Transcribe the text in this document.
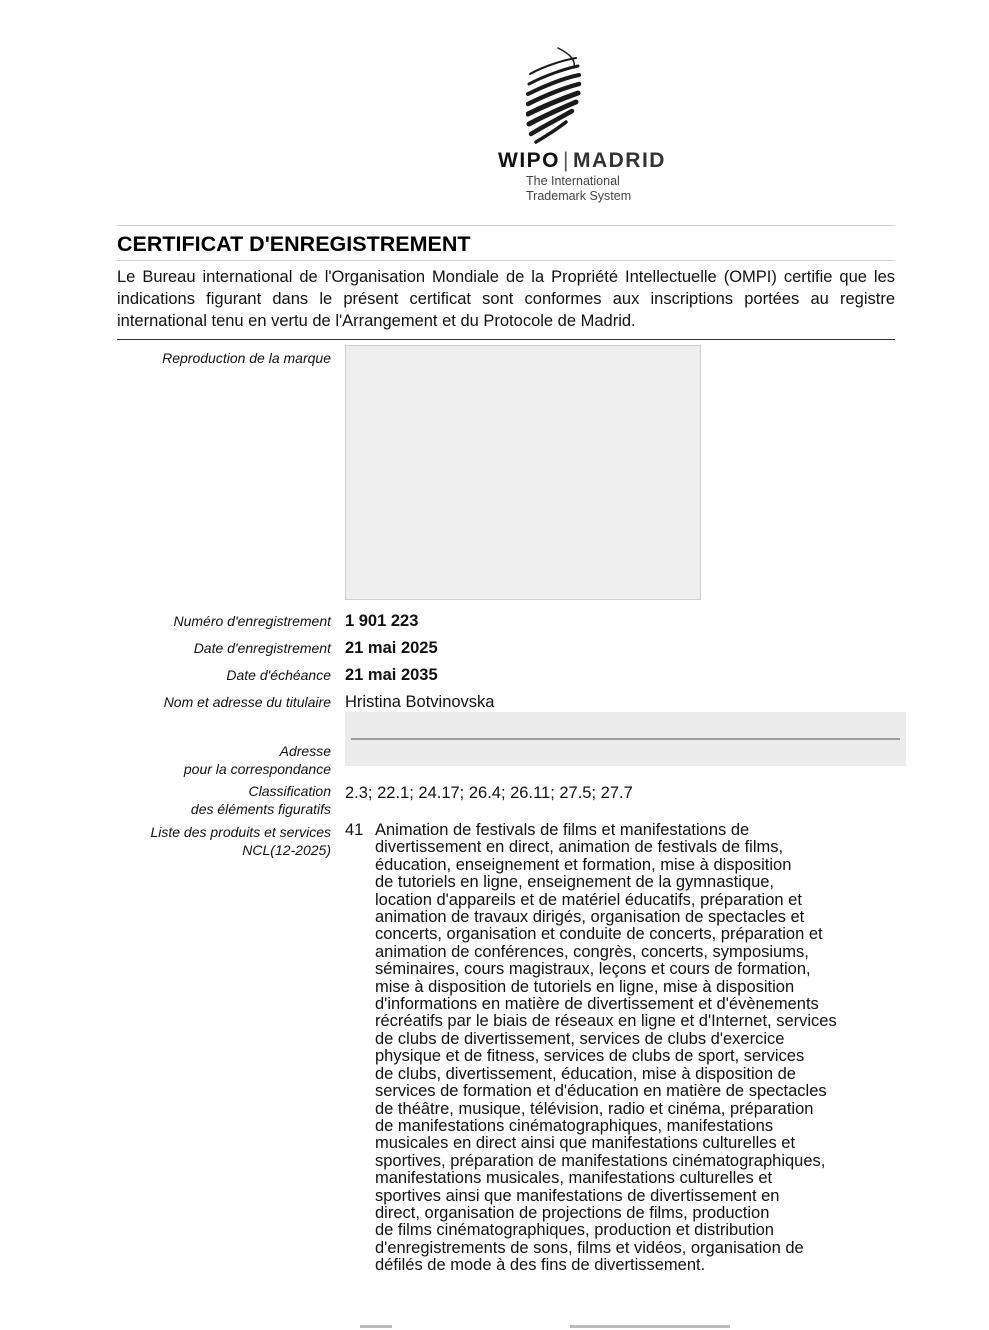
WIPO | MADRID
The International
Trademark System
CERTIFICAT D'ENREGISTREMENT
Le Bureau international de l'Organisation Mondiale de la Propriété Intellectuelle (OMPI) certifie que les indications figurant dans le présent certificat sont conformes aux inscriptions portées au registre international tenu en vertu de l'Arrangement et du Protocole de Madrid.
Reproduction de la marque
Numéro d'enregistrement 1 901 223
Date d'enregistrement 21 mai 2025
Date d'échéance 21 mai 2035
Nom et adresse du titulaire Hristina Botvinovska
Adresse
pour la correspondance
Classification
des éléments figuratifs
2.3; 22.1; 24.17; 26.4; 26.11; 27.5; 27.7
Liste des produits et services
NCL(12-2025)
41 Animation de festivals de films et manifestations de
divertissement en direct, animation de festivals de films,
éducation, enseignement et formation, mise à disposition
de tutoriels en ligne, enseignement de la gymnastique,
location d'appareils et de matériel éducatifs, préparation et
animation de travaux dirigés, organisation de spectacles et
concerts, organisation et conduite de concerts, préparation et
animation de conférences, congrès, concerts, symposiums,
séminaires, cours magistraux, leçons et cours de formation,
mise à disposition de tutoriels en ligne, mise à disposition
d'informations en matière de divertissement et d'évènements
récréatifs par le biais de réseaux en ligne et d'Internet, services
de clubs de divertissement, services de clubs d'exercice
physique et de fitness, services de clubs de sport, services
de clubs, divertissement, éducation, mise à disposition de
services de formation et d'éducation en matière de spectacles
de théâtre, musique, télévision, radio et cinéma, préparation
de manifestations cinématographiques, manifestations
musicales en direct ainsi que manifestations culturelles et
sportives, préparation de manifestations cinématographiques,
manifestations musicales, manifestations culturelles et
sportives ainsi que manifestations de divertissement en
direct, organisation de projections de films, production
de films cinématographiques, production et distribution
d'enregistrements de sons, films et vidéos, organisation de
défilés de mode à des fins de divertissement.
